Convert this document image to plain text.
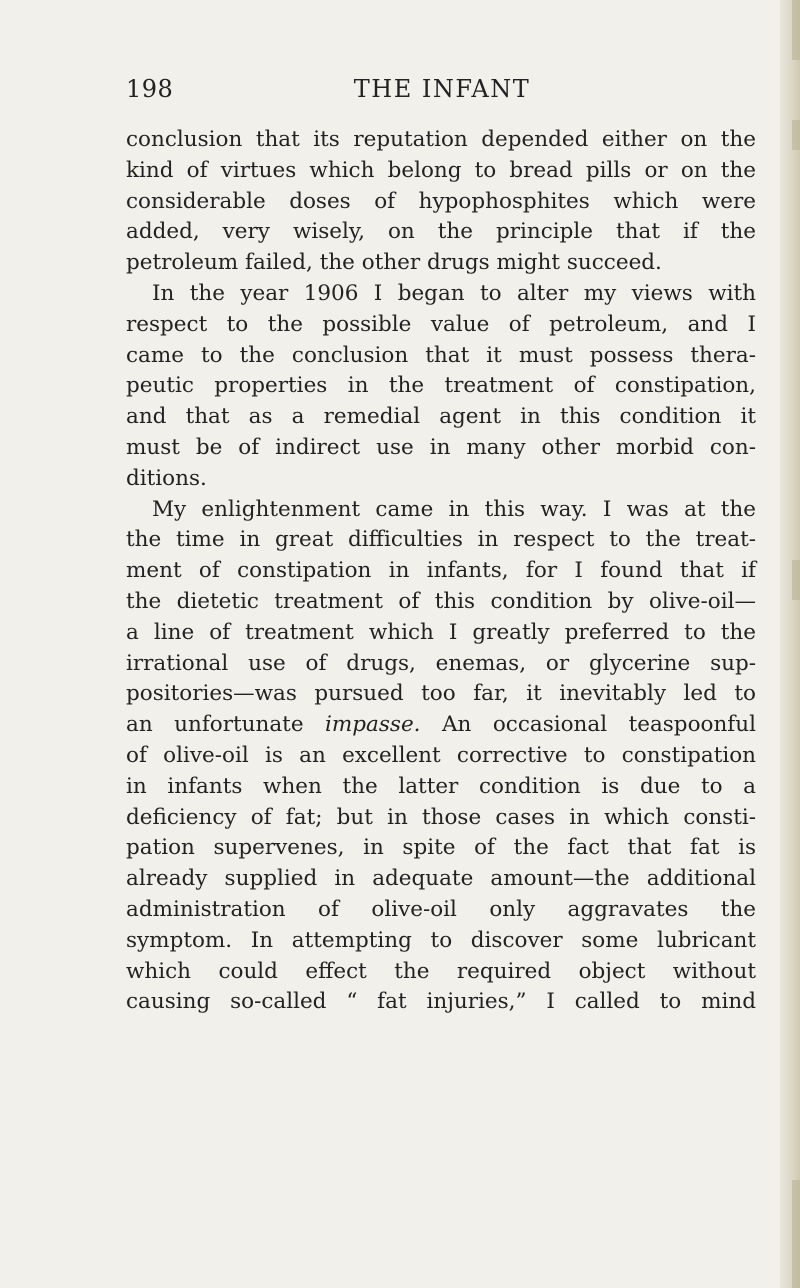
198	THE INFANT
conclusion that its reputation depended either on the
kind of virtues which belong to bread pills or on the
considerable doses of hypophosphites which were
added, very wisely, on the principle that if the
petroleum failed, the other drugs might succeed.
In the year 1906 I began to alter my views with
respect to the possible value of petroleum, and I
came to the conclusion that it must possess thera-
peutic properties in the treatment of constipation,
and that as a remedial agent in this condition it
must be of indirect use in many other morbid con-
ditions.
My enlightenment came in this way. I was at the
the time in great difficulties in respect to the treat-
ment of constipation in infants, for I found that if
the dietetic treatment of this condition by olive-oil—
a line of treatment which I greatly preferred to the
irrational use of drugs, enemas, or glycerine sup-
positories—was pursued too far, it inevitably led to
an unfortunate impasse. An occasional teaspoonful
of olive-oil is an excellent corrective to constipation
in infants when the latter condition is due to a
deficiency of fat; but in those cases in which consti-
pation supervenes, in spite of the fact that fat is
already supplied in adequate amount—the additional
administration of olive-oil only aggravates the
symptom. In attempting to discover some lubricant
which could effect the required object without
causing so-called “ fat injuries,” I called to mind
